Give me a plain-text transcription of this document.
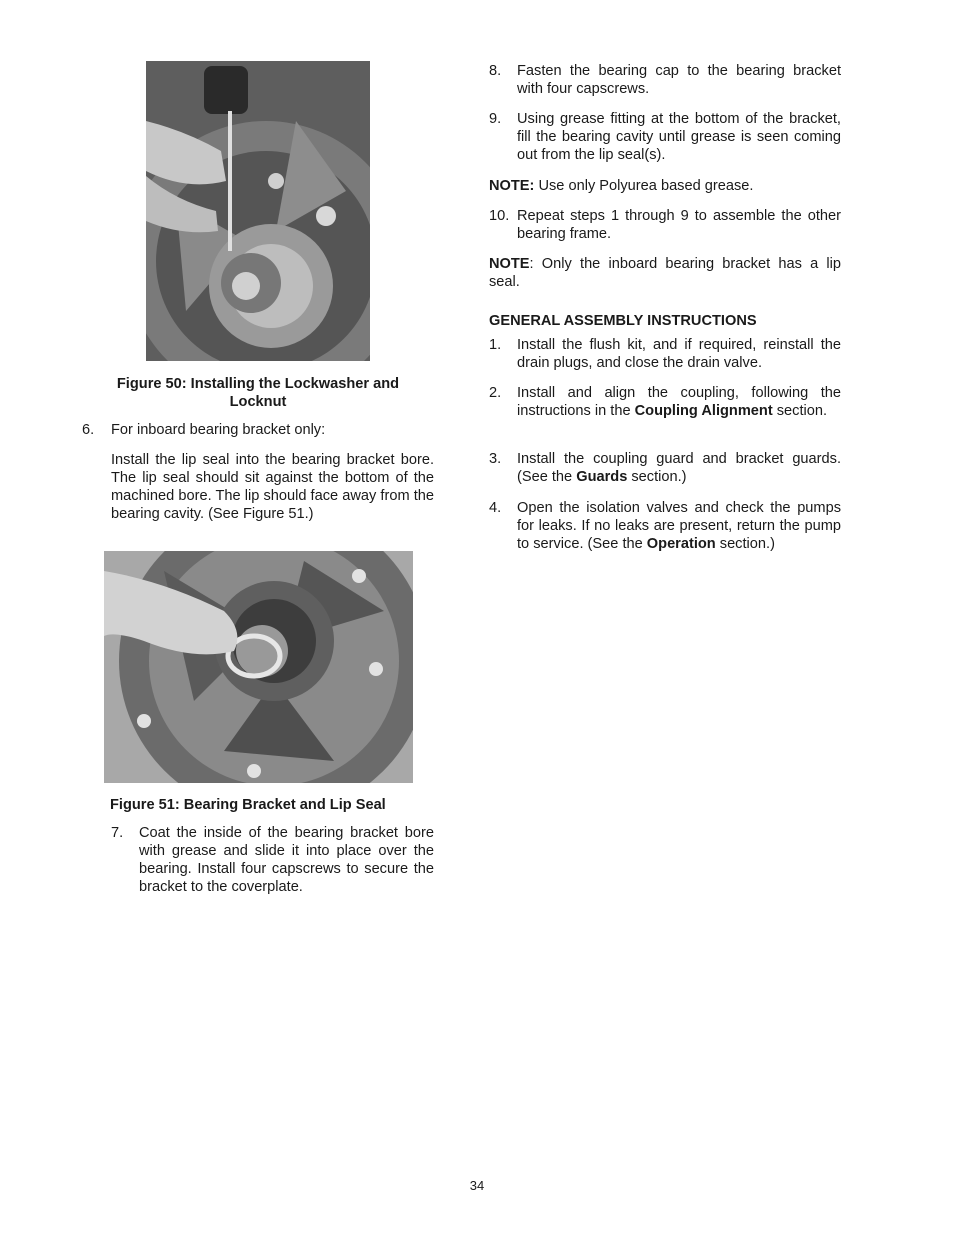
Figure 50: Installing the Lockwasher and Locknut
6.	For inboard bearing bracket only:
Install the lip seal into the bearing bracket bore. The lip seal should sit against the bottom of the machined bore. The lip should face away from the bearing cavity. (See Figure 51.)
Figure 51: Bearing Bracket and Lip Seal
7.	Coat the inside of the bearing bracket bore with grease and slide it into place over the bearing. Install four capscrews to secure the bracket to the coverplate.
8.	Fasten the bearing cap to the bearing bracket with four capscrews.
9.	Using grease fitting at the bottom of the bracket, fill the bearing cavity until grease is seen coming out from the lip seal(s).
NOTE: Use only Polyurea based grease.
10. Repeat steps 1 through 9 to assemble the other bearing frame.
NOTE: Only the inboard bearing bracket has a lip seal.
GENERAL ASSEMBLY INSTRUCTIONS
1.	Install the flush kit, and if required, reinstall the drain plugs, and close the drain valve.
2.	Install and align the coupling, following the instructions in the Coupling Alignment section.
3.	Install the coupling guard and bracket guards. (See the Guards section.)
4.	Open the isolation valves and check the pumps for leaks. If no leaks are present, return the pump to service. (See the Operation section.)
34
